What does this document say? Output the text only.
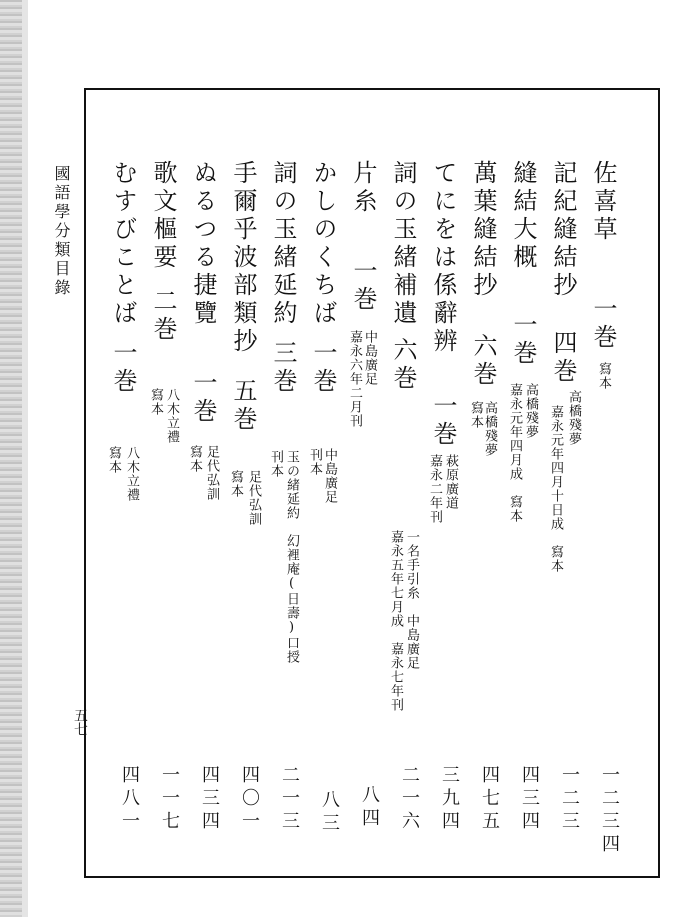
國語學分類目錄
五七
佐喜草
一巻
寫本
一二三四
記紀縫結抄
四巻
高橋殘夢
嘉永元年四月十日成　寫本
一二三
縫結大概
一巻
高橋殘夢
嘉永元年四月成　寫本
四三四
萬葉縫結抄
六巻
高橋殘夢
寫本
四七五
てにをは係辭辨
一巻
萩原廣道
嘉永二年刊
三九四
詞の玉緒補遺
六巻
一名手引糸　中島廣足
嘉永五年七月成　嘉永七年刊
二一六
片糸
一巻
中島廣足
嘉永六年二月刊
八四
かしのくちば
一巻
中島廣足
刊本
八三
詞の玉緒延約
三巻
玉の緒延約　幻裡庵(日壽)口授
刊本
二一三
手爾乎波部類抄
五巻
足代弘訓
寫本
四〇一
ぬるつる捷覽
一巻
足代弘訓
寫本
四三四
歌文樞要
二巻
八木立禮
寫本
一一七
むすびことば
一巻
八木立禮
寫本
四八一
